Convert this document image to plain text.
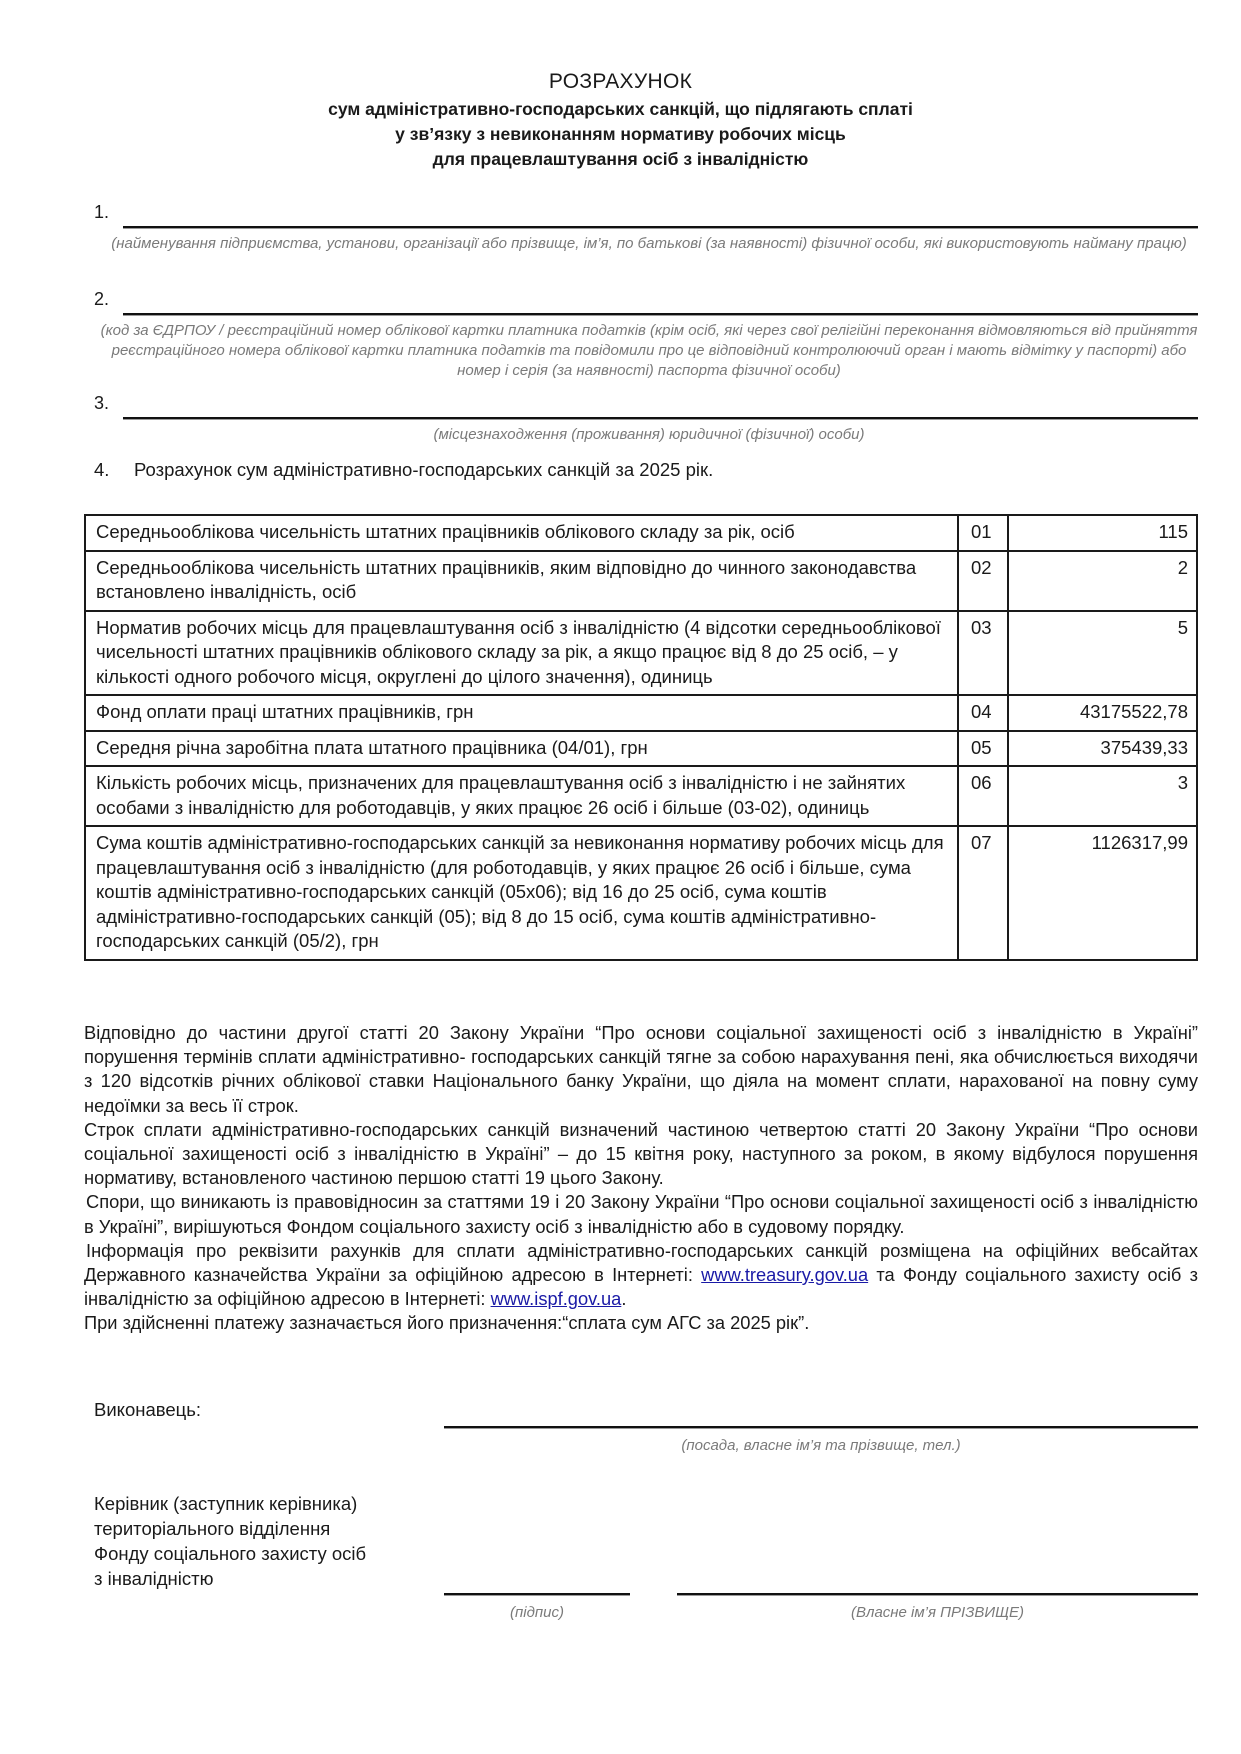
РОЗРАХУНОК
сум адміністративно-господарських санкцій, що підлягають сплаті
у зв’язку з невиконанням нормативу робочих місць
для працевлаштування осіб з інвалідністю
1.
(найменування підприємства, установи, організації або прізвище, ім’я, по батькові (за наявності) фізичної особи, які використовують найману працю)
2.
(код за ЄДРПОУ / реєстраційний номер облікової картки платника податків (крім осіб, які через свої релігійні переконання відмовляються від прийняття реєстраційного номера облікової картки платника податків та повідомили про це відповідний контролюючий орган і мають відмітку у паспорті) або номер і серія (за наявності) паспорта фізичної особи)
3.
(місцезнаходження (проживання) юридичної (фізичної) особи)
4. Розрахунок сум адміністративно-господарських санкцій за 2025 рік.
Середньооблікова чисельність штатних працівників облікового складу за рік, осіб	01	115
Середньооблікова чисельність штатних працівників, яким відповідно до чинного законодавства встановлено інвалідність, осіб	02	2
Норматив робочих місць для працевлаштування осіб з інвалідністю (4 відсотки середньооблікової чисельності штатних працівників облікового складу за рік, а якщо працює від 8 до 25 осіб, – у кількості одного робочого місця, округлені до цілого значення), одиниць	03	5
Фонд оплати праці штатних працівників, грн	04	43175522,78
Середня річна заробітна плата штатного працівника (04/01), грн	05	375439,33
Кількість робочих місць, призначених для працевлаштування осіб з інвалідністю і не зайнятих особами з інвалідністю для роботодавців, у яких працює 26 осіб і більше (03-02), одиниць	06	3
Сума коштів адміністративно-господарських санкцій за невиконання нормативу робочих місць для працевлаштування осіб з інвалідністю (для роботодавців, у яких працює 26 осіб і більше, сума коштів адміністративно-господарських санкцій (05х06); від 16 до 25 осіб, сума коштів адміністративно-господарських санкцій (05); від 8 до 15 осіб, сума коштів адміністративно-господарських санкцій (05/2), грн	07	1126317,99

Відповідно до частини другої статті 20 Закону України “Про основи соціальної захищеності осіб з інвалідністю в Україні” порушення термінів сплати адміністративно- господарських санкцій тягне за собою нарахування пені, яка обчислюється виходячи з 120 відсотків річних облікової ставки Національного банку України, що діяла на момент сплати, нарахованої на повну суму недоїмки за весь її строк.

Строк сплати адміністративно-господарських санкцій визначений частиною четвертою статті 20 Закону України “Про основи соціальної захищеності осіб з інвалідністю в Україні” – до 15 квітня року, наступного за роком, в якому відбулося порушення нормативу, встановленого частиною першою статті 19 цього Закону.

Спори, що виникають із правовідносин за статтями 19 і 20 Закону України “Про основи соціальної захищеності осіб з інвалідністю в Україні”, вирішуються Фондом соціального захисту осіб з інвалідністю або в судовому порядку.

Інформація про реквізити рахунків для сплати адміністративно-господарських санкцій розміщена на офіційних вебсайтах Державного казначейства України за офіційною адресою в Інтернеті: www.treasury.gov.ua та Фонду соціального захисту осіб з інвалідністю за офіційною адресою в Інтернеті: www.ispf.gov.ua.

При здійсненні платежу зазначається його призначення:“сплата сум АГС за 2025 рік”.

Виконавець:
(посада, власне ім’я та прізвище, тел.)
Керівник (заступник керівника)
територіального відділення
Фонду соціального захисту осіб
з інвалідністю
(підпис)	(Власне ім’я ПРІЗВИЩЕ)
